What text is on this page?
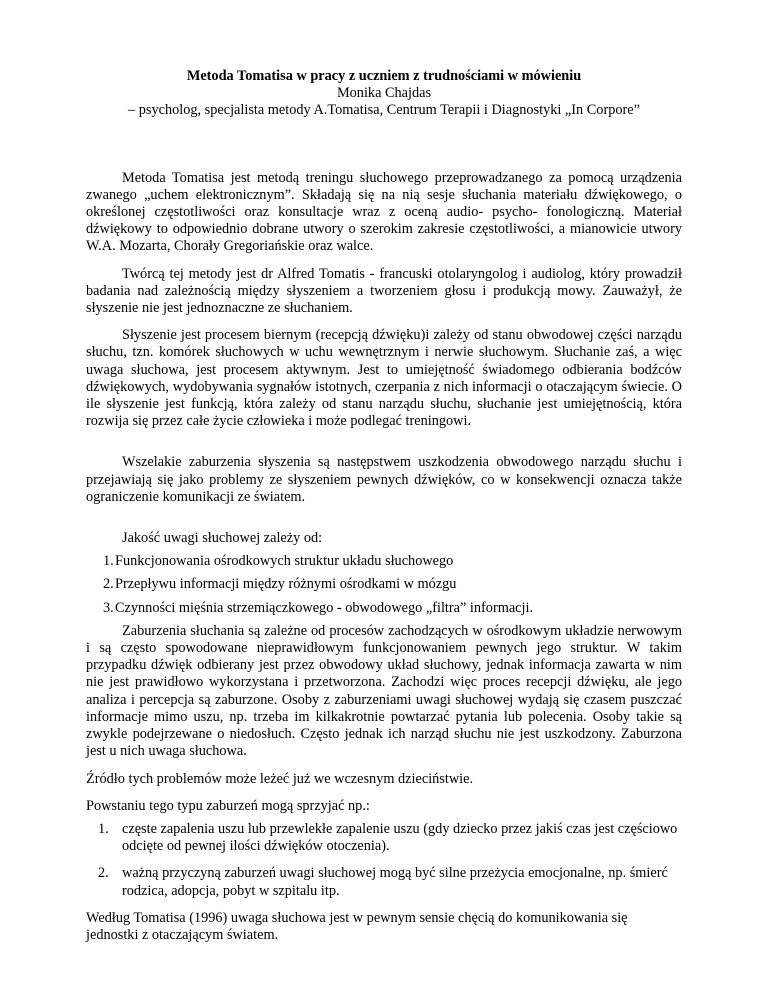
Metoda Tomatisa w pracy z uczniem z trudnościami w mówieniu
Monika Chajdas
– psycholog, specjalista metody A.Tomatisa, Centrum Terapii i Diagnostyki „In Corpore”

Metoda Tomatisa jest metodą treningu słuchowego przeprowadzanego za pomocą urządzenia zwanego „uchem elektronicznym”. Składają się na nią sesje słuchania materiału dźwiękowego, o określonej częstotliwości oraz konsultacje wraz z oceną audio- psycho- fonologiczną. Materiał dźwiękowy to odpowiednio dobrane utwory o szerokim zakresie częstotliwości, a mianowicie utwory W.A. Mozarta, Chorały Gregoriańskie oraz walce.

Twórcą tej metody jest dr Alfred Tomatis - francuski otolaryngolog i audiolog, który prowadził badania nad zależnością między słyszeniem a tworzeniem głosu i produkcją mowy. Zauważył, że słyszenie nie jest jednoznaczne ze słuchaniem.

Słyszenie jest procesem biernym (recepcją dźwięku)i zależy od stanu obwodowej części narządu słuchu, tzn. komórek słuchowych w uchu wewnętrznym i nerwie słuchowym. Słuchanie zaś, a więc uwaga słuchowa, jest procesem aktywnym. Jest to umiejętność świadomego odbierania bodźców dźwiękowych, wydobywania sygnałów istotnych, czerpania z nich informacji o otaczającym świecie. O ile słyszenie jest funkcją, która zależy od stanu narządu słuchu, słuchanie jest umiejętnością, która rozwija się przez całe życie człowieka i może podlegać treningowi.

Wszelakie zaburzenia słyszenia są następstwem uszkodzenia obwodowego narządu słuchu i przejawiają się jako problemy ze słyszeniem pewnych dźwięków, co w konsekwencji oznacza także ograniczenie komunikacji ze światem.

Jakość uwagi słuchowej zależy od:

1. Funkcjonowania ośrodkowych struktur układu słuchowego
2. Przepływu informacji między różnymi ośrodkami w mózgu
3. Czynności mięśnia strzemiączkowego - obwodowego „filtra” informacji.

Zaburzenia słuchania są zależne od procesów zachodzących w ośrodkowym układzie nerwowym i są często spowodowane nieprawidłowym funkcjonowaniem pewnych jego struktur. W takim przypadku dźwięk odbierany jest przez obwodowy układ słuchowy, jednak informacja zawarta w nim nie jest prawidłowo wykorzystana i przetworzona. Zachodzi więc proces recepcji dźwięku, ale jego analiza i percepcja są zaburzone. Osoby z zaburzeniami uwagi słuchowej wydają się czasem puszczać informacje mimo uszu, np. trzeba im kilkakrotnie powtarzać pytania lub polecenia. Osoby takie są zwykle podejrzewane o niedosłuch. Często jednak ich narząd słuchu nie jest uszkodzony. Zaburzona jest u nich uwaga słuchowa.

Źródło tych problemów może leżeć już we wczesnym dzieciństwie.

Powstaniu tego typu zaburzeń mogą sprzyjać np.:

1. częste zapalenia uszu lub przewlekłe zapalenie uszu (gdy dziecko przez jakiś czas jest częściowo odcięte od pewnej ilości dźwięków otoczenia).
2. ważną przyczyną zaburzeń uwagi słuchowej mogą być silne przeżycia emocjonalne, np. śmierć rodzica, adopcja, pobyt w szpitalu itp.

Według Tomatisa (1996) uwaga słuchowa jest w pewnym sensie chęcią do komunikowania się jednostki z otaczającym światem.
